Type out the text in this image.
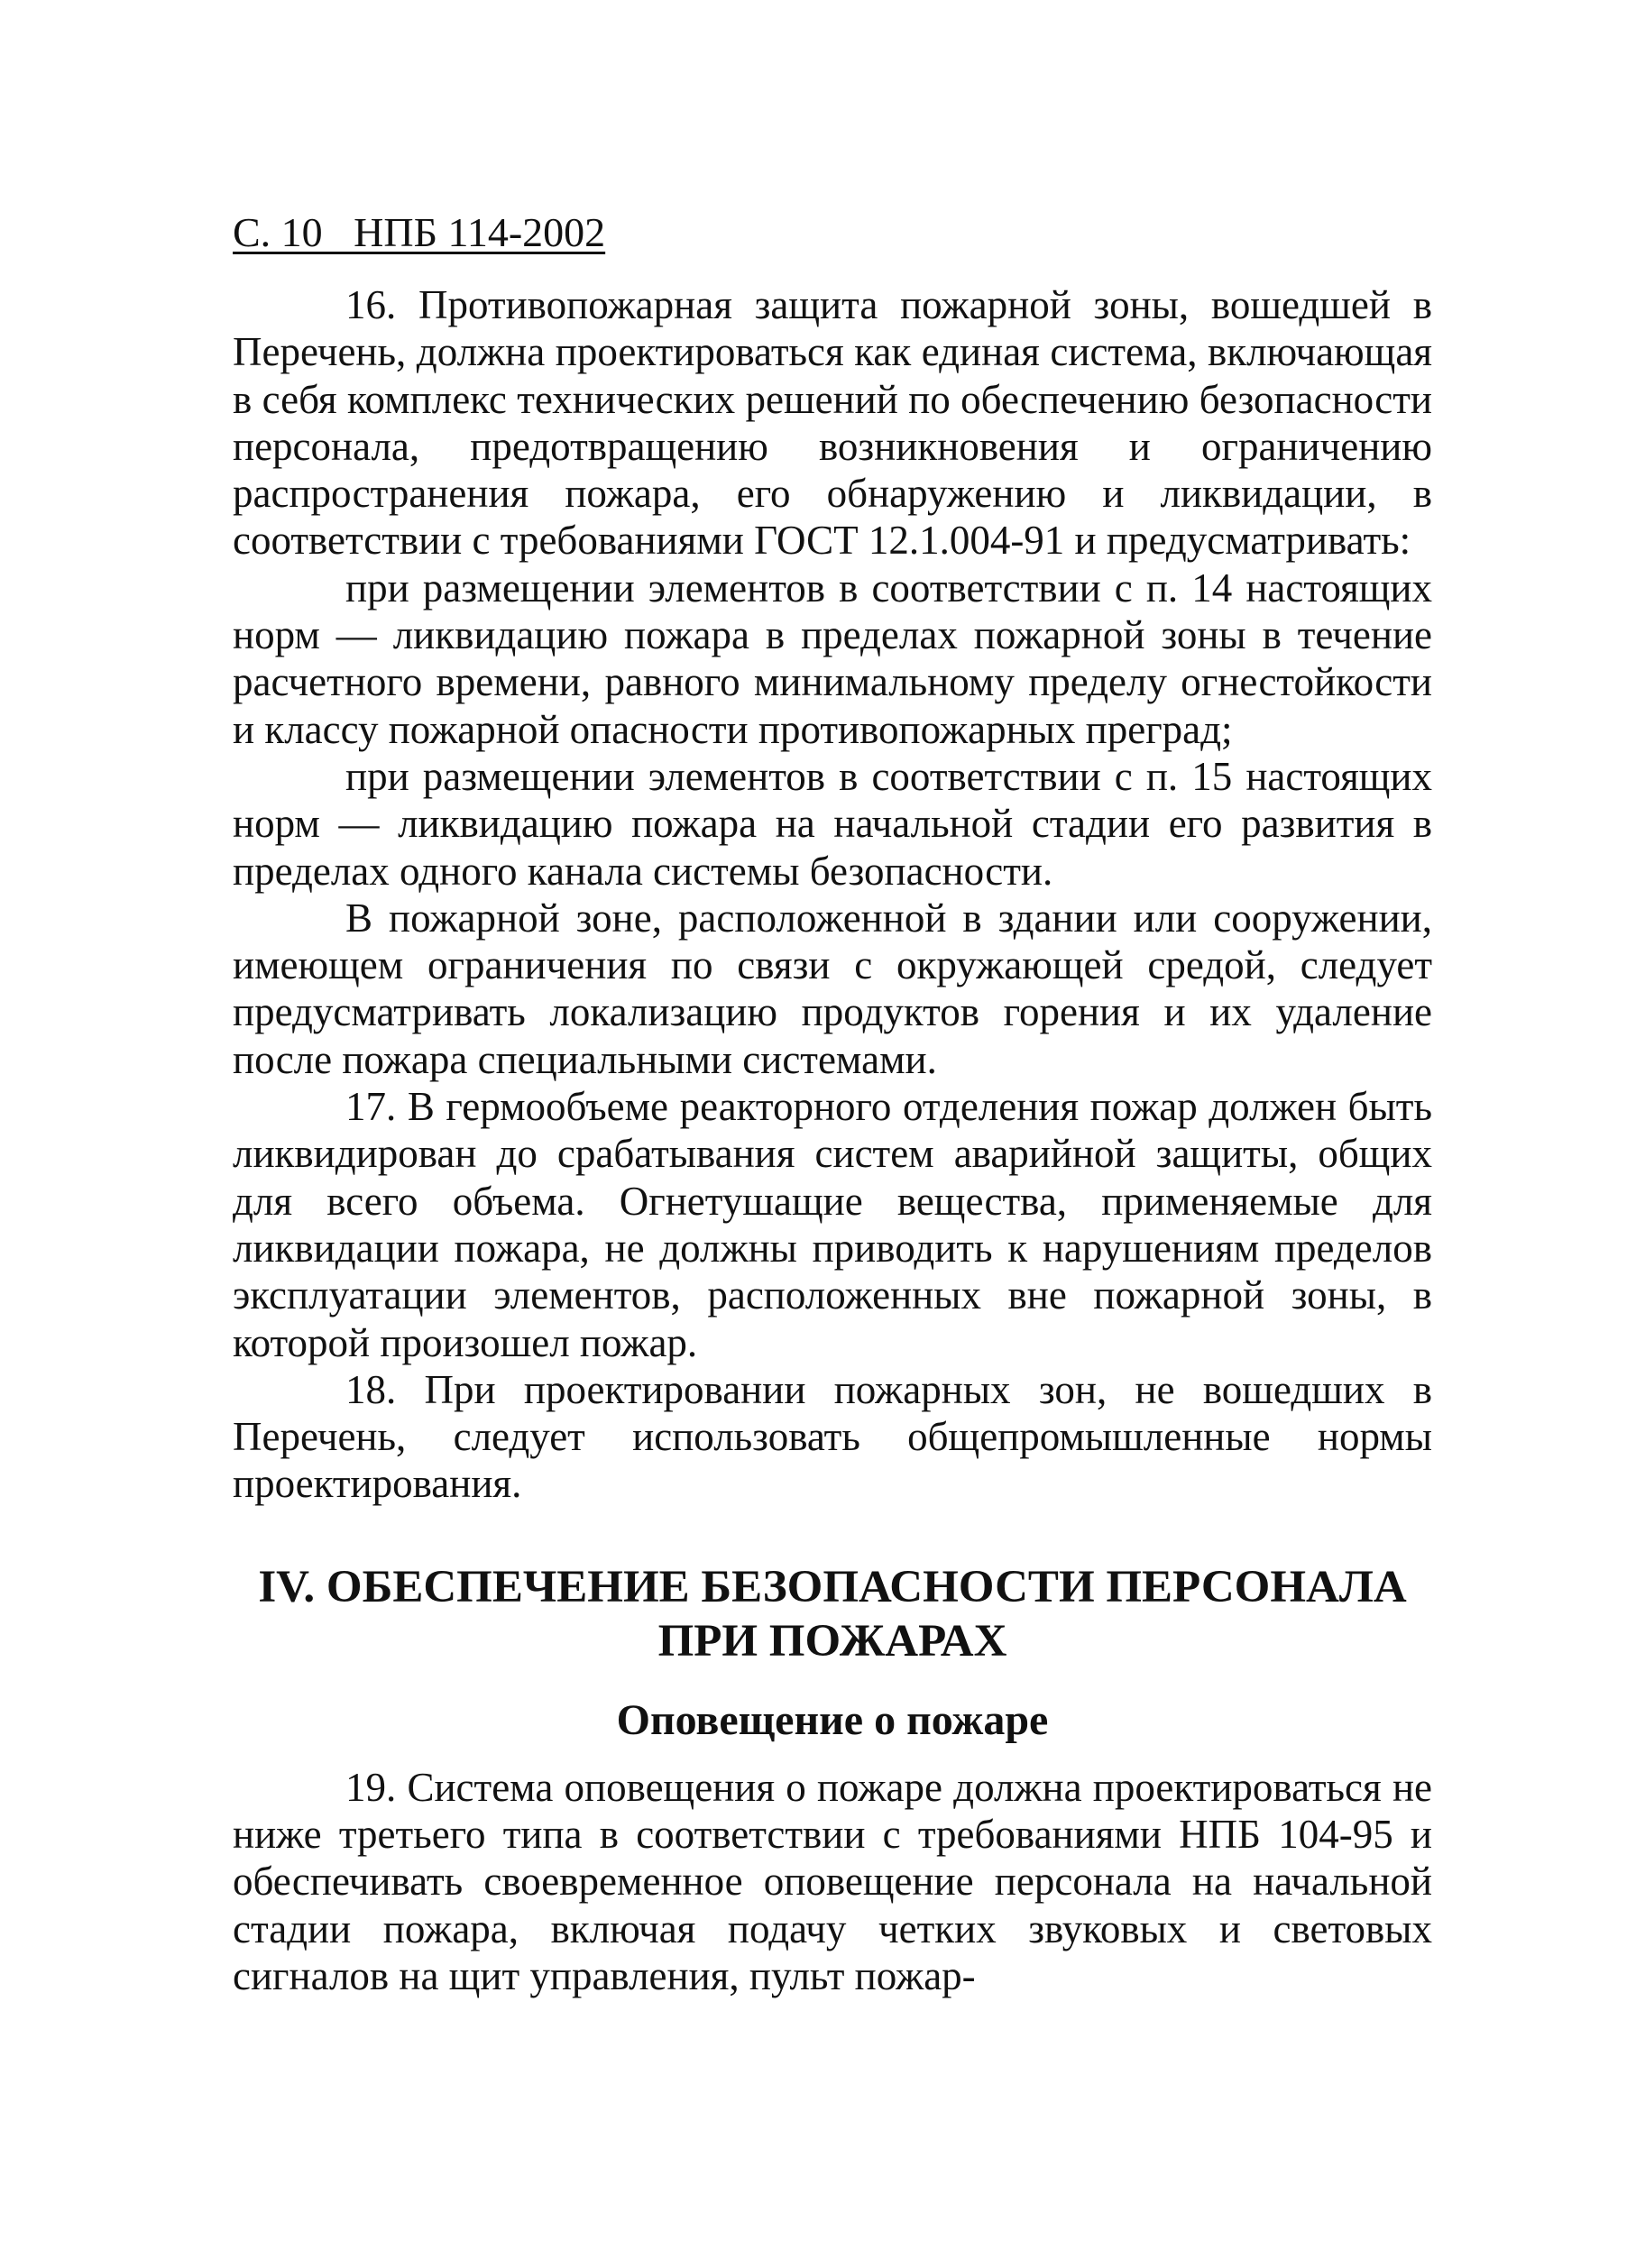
С. 10   НПБ 114-2002

16. Противопожарная защита пожарной зоны, вошедшей в Перечень, должна проектироваться как единая система, включающая в себя комплекс технических решений по обеспечению безопасности персонала, предотвращению возникновения и ограничению распространения пожара, его обнаружению и ликвидации, в соответствии с требованиями ГОСТ 12.1.004-91 и предусматривать:

при размещении элементов в соответствии с п. 14 настоящих норм — ликвидацию пожара в пределах пожарной зоны в течение расчетного времени, равного минимальному пределу огнестойкости и классу пожарной опасности противопожарных преград;

при размещении элементов в соответствии с п. 15 настоящих норм — ликвидацию пожара на начальной стадии его развития в пределах одного канала системы безопасности.

В пожарной зоне, расположенной в здании или сооружении, имеющем ограничения по связи с окружающей средой, следует предусматривать локализацию продуктов горения и их удаление после пожара специальными системами.

17. В гермообъеме реакторного отделения пожар должен быть ликвидирован до срабатывания систем аварийной защиты, общих для всего объема. Огнетушащие вещества, применяемые для ликвидации пожара, не должны приводить к нарушениям пределов эксплуатации элементов, расположенных вне пожарной зоны, в которой произошел пожар.

18. При проектировании пожарных зон, не вошедших в Перечень, следует использовать общепромышленные нормы проектирования.

IV. ОБЕСПЕЧЕНИЕ БЕЗОПАСНОСТИ ПЕРСОНАЛА
ПРИ ПОЖАРАХ
Оповещение о пожаре

19. Система оповещения о пожаре должна проектироваться не ниже третьего типа в соответствии с требованиями НПБ 104-95 и обеспечивать своевременное оповещение персонала на начальной стадии пожара, включая подачу четких звуковых и световых сигналов на щит управления, пульт пожар-
